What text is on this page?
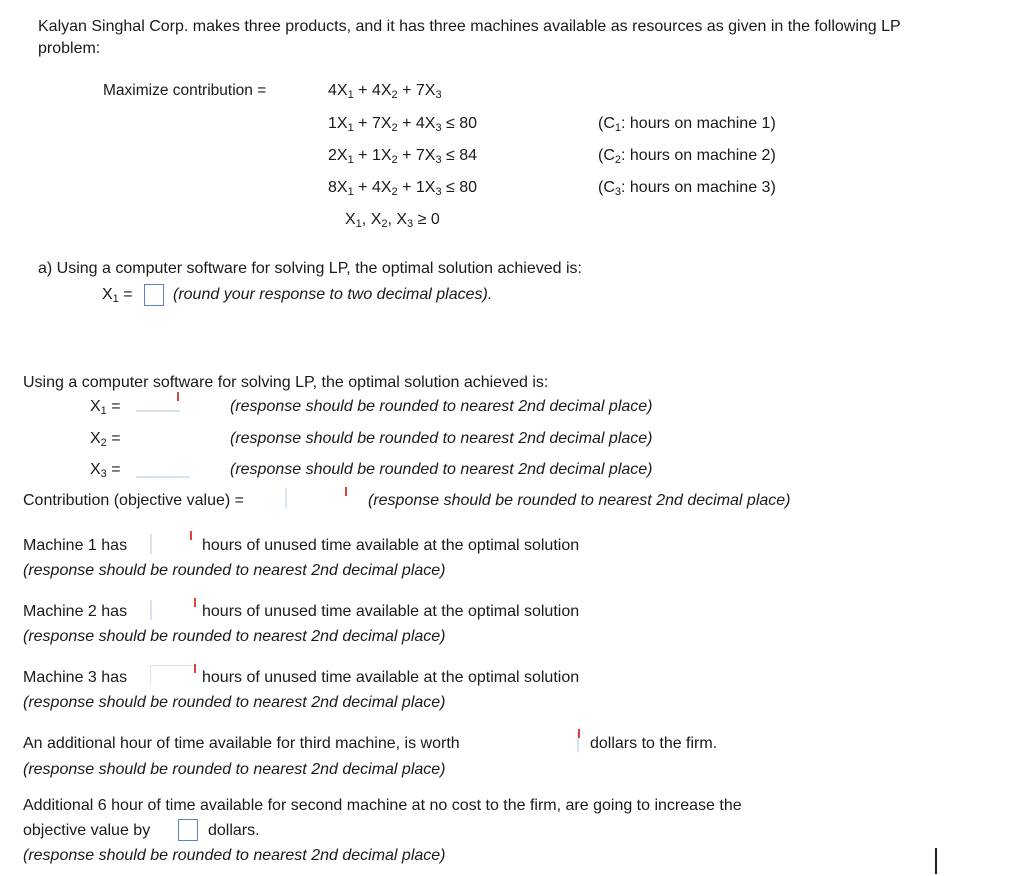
Kalyan Singhal Corp. makes three products, and it has three machines available as resources as given in the following LP
problem:
Maximize contribution =	$4X_1 + 4X_2 + 7X_3$
$1X_1 + 7X_2 + 4X_3 \le 80$	($C_1$: hours on machine 1)
$2X_1 + 1X_2 + 7X_3 \le 84$	($C_2$: hours on machine 2)
$8X_1 + 4X_2 + 1X_3 \le 80$	($C_3$: hours on machine 3)
$X_1$, $X_2$, $X_3 \ge 0$
a) Using a computer software for solving LP, the optimal solution achieved is:
$X_1$ =	(round your response to two decimal places).
Using a computer software for solving LP, the optimal solution achieved is:
$X_1$ =	(response should be rounded to nearest 2nd decimal place)
$X_2$ =	(response should be rounded to nearest 2nd decimal place)
$X_3$ =	(response should be rounded to nearest 2nd decimal place)
Contribution (objective value) =	(response should be rounded to nearest 2nd decimal place)
Machine 1 has	hours of unused time available at the optimal solution
(response should be rounded to nearest 2nd decimal place)
Machine 2 has	hours of unused time available at the optimal solution
(response should be rounded to nearest 2nd decimal place)
Machine 3 has	hours of unused time available at the optimal solution
(response should be rounded to nearest 2nd decimal place)
An additional hour of time available for third machine, is worth	dollars to the firm.
(response should be rounded to nearest 2nd decimal place)
Additional 6 hour of time available for second machine at no cost to the firm, are going to increase the
objective value by	dollars.
(response should be rounded to nearest 2nd decimal place)
